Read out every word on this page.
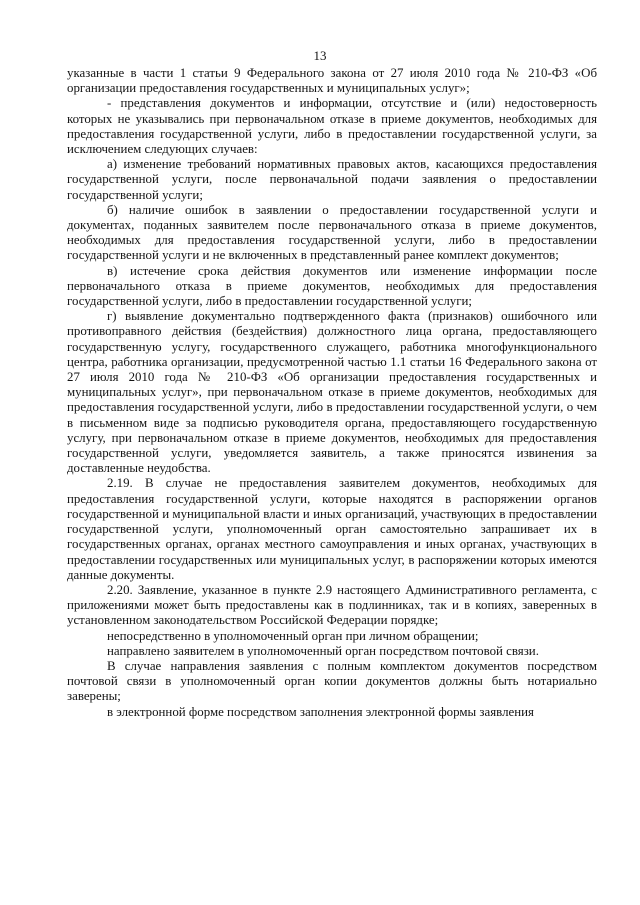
13

указанные в части 1 статьи 9 Федерального закона от 27 июля 2010 года № 210-ФЗ «Об организации предоставления государственных и муниципальных услуг»;

- представления документов и информации, отсутствие и (или) недостоверность которых не указывались при первоначальном отказе в приеме документов, необходимых для предоставления государственной услуги, либо в предоставлении государственной услуги, за исключением следующих случаев:

а) изменение требований нормативных правовых актов, касающихся предоставления государственной услуги, после первоначальной подачи заявления о предоставлении государственной услуги;

б) наличие ошибок в заявлении о предоставлении государственной услуги и документах, поданных заявителем после первоначального отказа в приеме документов, необходимых для предоставления государственной услуги, либо в предоставлении государственной услуги и не включенных в представленный ранее комплект документов;

в) истечение срока действия документов или изменение информации после первоначального отказа в приеме документов, необходимых для предоставления государственной услуги, либо в предоставлении государственной услуги;

г) выявление документально подтвержденного факта (признаков) ошибочного или противоправного действия (бездействия) должностного лица органа, предоставляющего государственную услугу, государственного служащего, работника многофункционального центра, работника организации, предусмотренной частью 1.1 статьи 16 Федерального закона от 27 июля 2010 года № 210-ФЗ «Об организации предоставления государственных и муниципальных услуг», при первоначальном отказе в приеме документов, необходимых для предоставления государственной услуги, либо в предоставлении государственной услуги, о чем в письменном виде за подписью руководителя органа, предоставляющего государственную услугу, при первоначальном отказе в приеме документов, необходимых для предоставления государственной услуги, уведомляется заявитель, а также приносятся извинения за доставленные неудобства.

2.19. В случае не предоставления заявителем документов, необходимых для предоставления государственной услуги, которые находятся в распоряжении органов государственной и муниципальной власти и иных организаций, участвующих в предоставлении государственной услуги, уполномоченный орган самостоятельно запрашивает их в государственных органах, органах местного самоуправления и иных органах, участвующих в предоставлении государственных или муниципальных услуг, в распоряжении которых имеются данные документы.

2.20. Заявление, указанное в пункте 2.9 настоящего Административного регламента, с приложениями может быть предоставлены как в подлинниках, так и в копиях, заверенных в установленном законодательством Российской Федерации порядке;

непосредственно в уполномоченный орган при личном обращении;

направлено заявителем в уполномоченный орган посредством почтовой связи.

В случае направления заявления с полным комплектом документов посредством почтовой связи в уполномоченный орган копии документов должны быть нотариально заверены;

в электронной форме посредством заполнения электронной формы заявления
